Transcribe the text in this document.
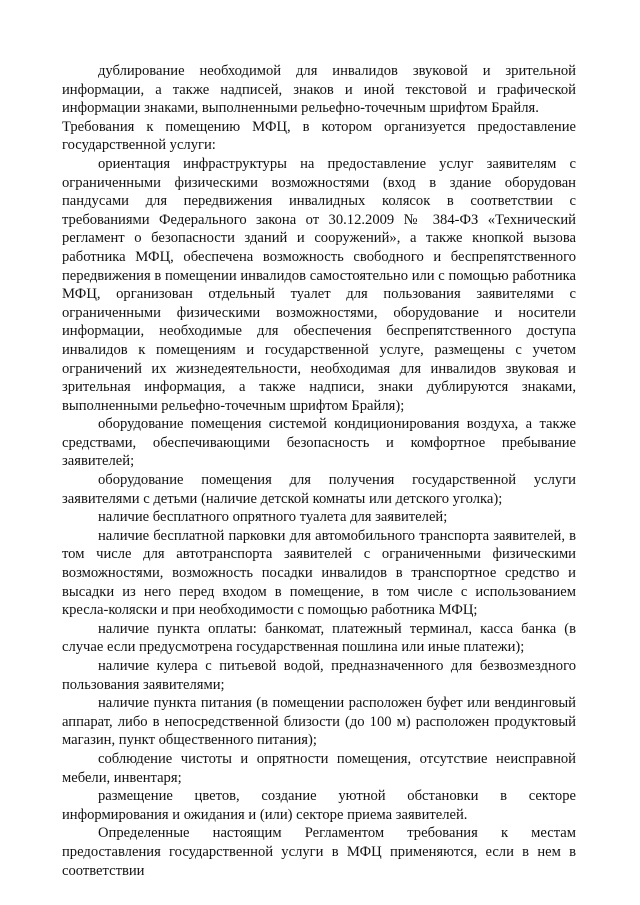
дублирование необходимой для инвалидов звуковой и зрительной информации, а также надписей, знаков и иной текстовой и графической информации знаками, выполненными рельефно-точечным шрифтом Брайля.

Требования к помещению МФЦ, в котором организуется предоставление государственной услуги:

ориентация инфраструктуры на предоставление услуг заявителям с ограниченными физическими возможностями (вход в здание оборудован пандусами для передвижения инвалидных колясок в соответствии с требованиями Федерального закона от 30.12.2009 № 384-ФЗ «Технический регламент о безопасности зданий и сооружений», а также кнопкой вызова работника МФЦ, обеспечена возможность свободного и беспрепятственного передвижения в помещении инвалидов самостоятельно или с помощью работника МФЦ, организован отдельный туалет для пользования заявителями с ограниченными физическими возможностями, оборудование и носители информации, необходимые для обеспечения беспрепятственного доступа инвалидов к помещениям и государственной услуге, размещены с учетом ограничений их жизнедеятельности, необходимая для инвалидов звуковая и зрительная информация, а также надписи, знаки дублируются знаками, выполненными рельефно-точечным шрифтом Брайля);

оборудование помещения системой кондиционирования воздуха, а также средствами, обеспечивающими безопасность и комфортное пребывание заявителей;

оборудование помещения для получения государственной услуги заявителями с детьми (наличие детской комнаты или детского уголка);

наличие бесплатного опрятного туалета для заявителей;

наличие бесплатной парковки для автомобильного транспорта заявителей, в том числе для автотранспорта заявителей с ограниченными физическими возможностями, возможность посадки инвалидов в транспортное средство и высадки из него перед входом в помещение, в том числе с использованием кресла-коляски и при необходимости с помощью работника МФЦ;

наличие пункта оплаты: банкомат, платежный терминал, касса банка (в случае если предусмотрена государственная пошлина или иные платежи);

наличие кулера с питьевой водой, предназначенного для безвозмездного пользования заявителями;

наличие пункта питания (в помещении расположен буфет или вендинговый аппарат, либо в непосредственной близости (до 100 м) расположен продуктовый магазин, пункт общественного питания);

соблюдение чистоты и опрятности помещения, отсутствие неисправной мебели, инвентаря;

размещение цветов, создание уютной обстановки в секторе информирования и ожидания и (или) секторе приема заявителей.

Определенные настоящим Регламентом требования к местам предоставления государственной услуги в МФЦ применяются, если в нем в соответствии
